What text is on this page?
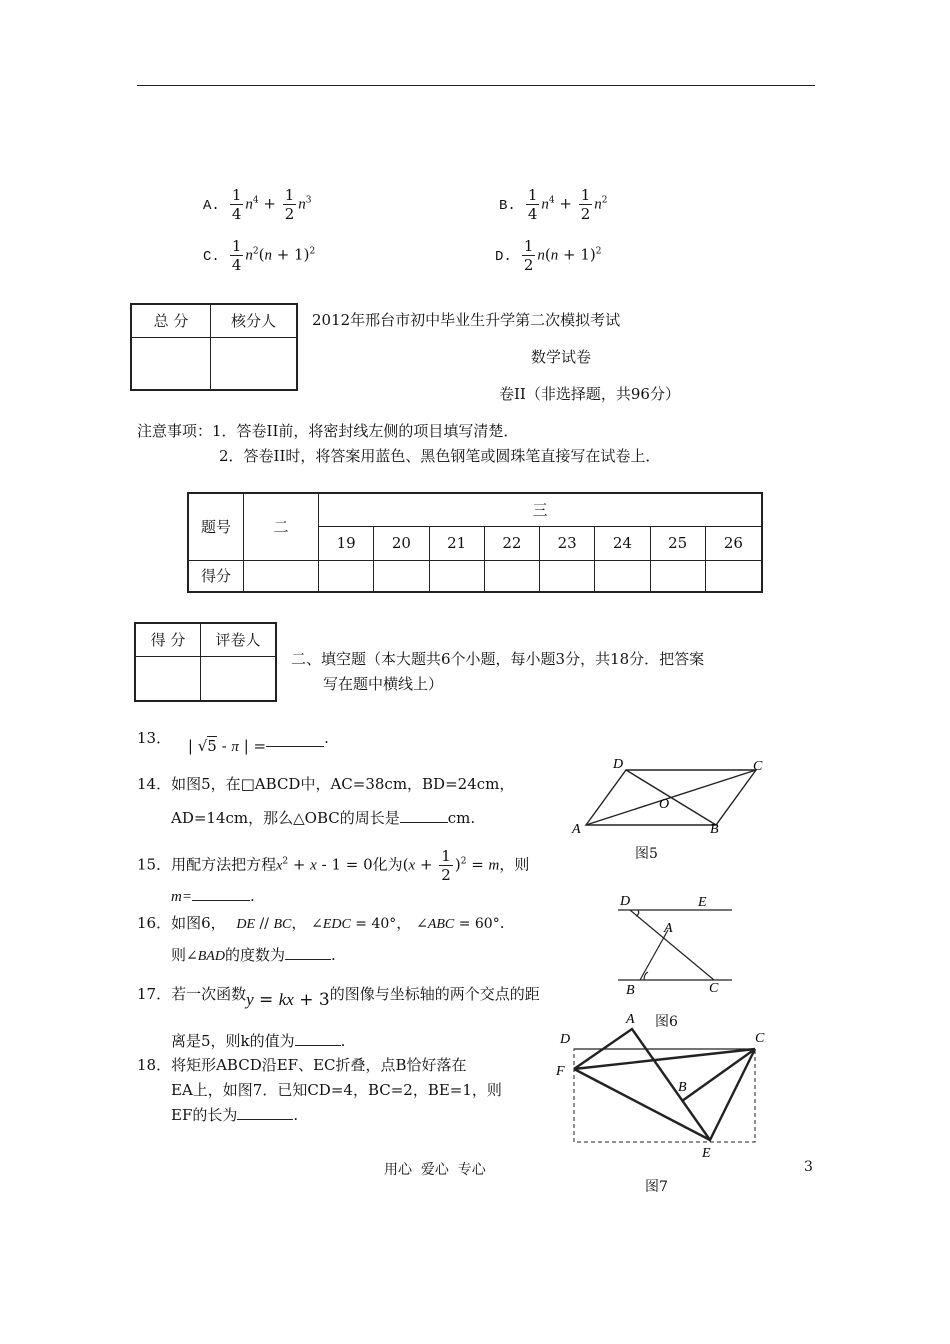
A. $\frac{1}{4} n^4 + \frac{1}{2} n^3$	B. $\frac{1}{4} n^4 + \frac{1}{2} n^2$
C. $\frac{1}{4} n^2(n + 1)^2$	D. $\frac{1}{2} n(n + 1)^2$
总 分	核分人
	2012年邢台市初中毕业生升学第二次模拟考试
数学试卷
卷II（非选择题，共96分）
注意事项：1．答卷II前，将密封线左侧的项目填写清楚．
2．答卷II时，将答案用蓝色、黑色钢笔或圆珠笔直接写在试卷上．
题号	二	三							
		19	20	21	22	23	24	25	26
得分									
得 分	评卷人

二、填空题（本大题共6个小题，每小题3分，共18分．把答案
写在题中横线上）
13． | √5 - π | =	.
14．如图5，在□ABCD中，AC=38cm，BD=24cm，
AD=14cm，那么△OBC的周长是	cm.
15．用配方法把方程$x^2 + x - 1 = 0$化为$(x + \frac{1}{2} )^2 = m$，则
m=	.
16．如图6， DE // BC， ∠EDC = 40°， ∠ABC = 60°.
则∠BAD的度数为	.
17．若一次函数y = kx + 3的图像与坐标轴的两个交点的距
离是5，则k的值为	.
18．将矩形ABCD沿EF、EC折叠，点B恰好落在
EA上，如图7．已知CD=4，BC=2，BE=1，则
EF的长为	.
A	B
C
D
O
图5
D	E
A
B	C
图6
A
B
C
D
E
F
图7
用心  爱心  专心	3
